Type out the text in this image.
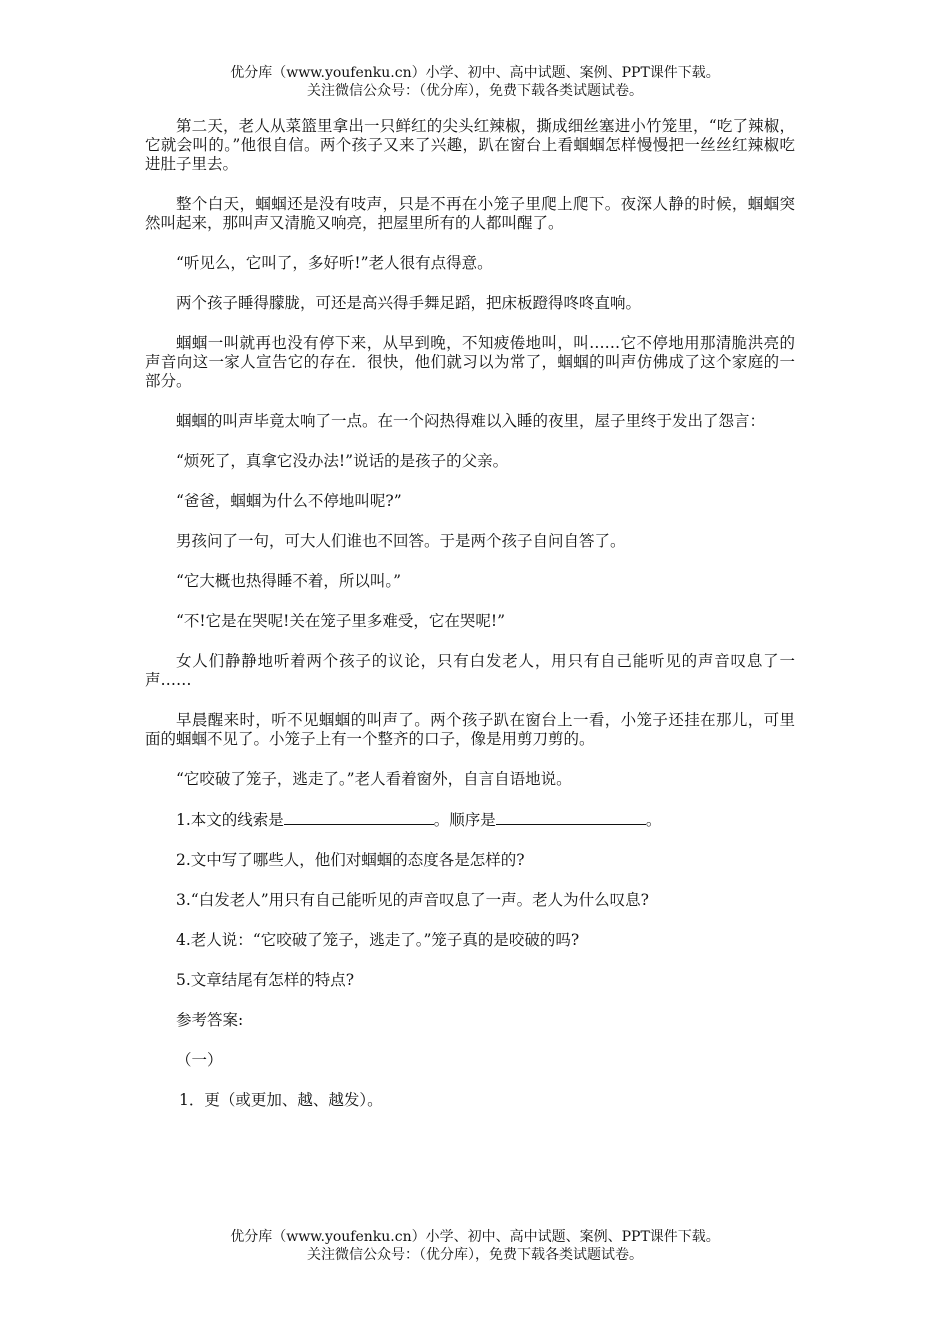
优分库（www.youfenku.cn）小学、初中、高中试题、案例、PPT课件下载。

关注微信公众号：（优分库），免费下载各类试题试卷。

第二天，老人从菜篮里拿出一只鲜红的尖头红辣椒，撕成细丝塞进小竹笼里，“吃了辣椒，它就会叫的。”他很自信。两个孩子又来了兴趣，趴在窗台上看蝈蝈怎样慢慢把一丝丝红辣椒吃进肚子里去。

整个白天，蝈蝈还是没有吱声，只是不再在小笼子里爬上爬下。夜深人静的时候，蝈蝈突然叫起来，那叫声又清脆又响亮，把屋里所有的人都叫醒了。

“听见么，它叫了，多好听!”老人很有点得意。

两个孩子睡得朦胧，可还是高兴得手舞足蹈，把床板蹬得咚咚直响。

蝈蝈一叫就再也没有停下来，从早到晚，不知疲倦地叫，叫……它不停地用那清脆洪亮的声音向这一家人宣告它的存在．很快，他们就习以为常了，蝈蝈的叫声仿佛成了这个家庭的一部分。

蝈蝈的叫声毕竟太响了一点。在一个闷热得难以入睡的夜里，屋子里终于发出了怨言：

“烦死了，真拿它没办法!”说话的是孩子的父亲。

“爸爸，蝈蝈为什么不停地叫呢?”

男孩问了一句，可大人们谁也不回答。于是两个孩子自问自答了。

“它大概也热得睡不着，所以叫。”

“不!它是在哭呢!关在笼子里多难受，它在哭呢!”

女人们静静地听着两个孩子的议论，只有白发老人，用只有自己能听见的声音叹息了一声……

早晨醒来时，听不见蝈蝈的叫声了。两个孩子趴在窗台上一看，小笼子还挂在那儿，可里面的蝈蝈不见了。小笼子上有一个整齐的口子，像是用剪刀剪的。

“它咬破了笼子，逃走了。”老人看着窗外，自言自语地说。

1.本文的线索是	。顺序是	。

2.文中写了哪些人，他们对蝈蝈的态度各是怎样的?

3.“白发老人”用只有自己能听见的声音叹息了一声。老人为什么叹息?

4.老人说：“它咬破了笼子，逃走了。”笼子真的是咬破的吗?

5.文章结尾有怎样的特点?

参考答案:

（一）

1．更（或更加、越、越发）。

优分库（www.youfenku.cn）小学、初中、高中试题、案例、PPT课件下载。

关注微信公众号：（优分库），免费下载各类试题试卷。
